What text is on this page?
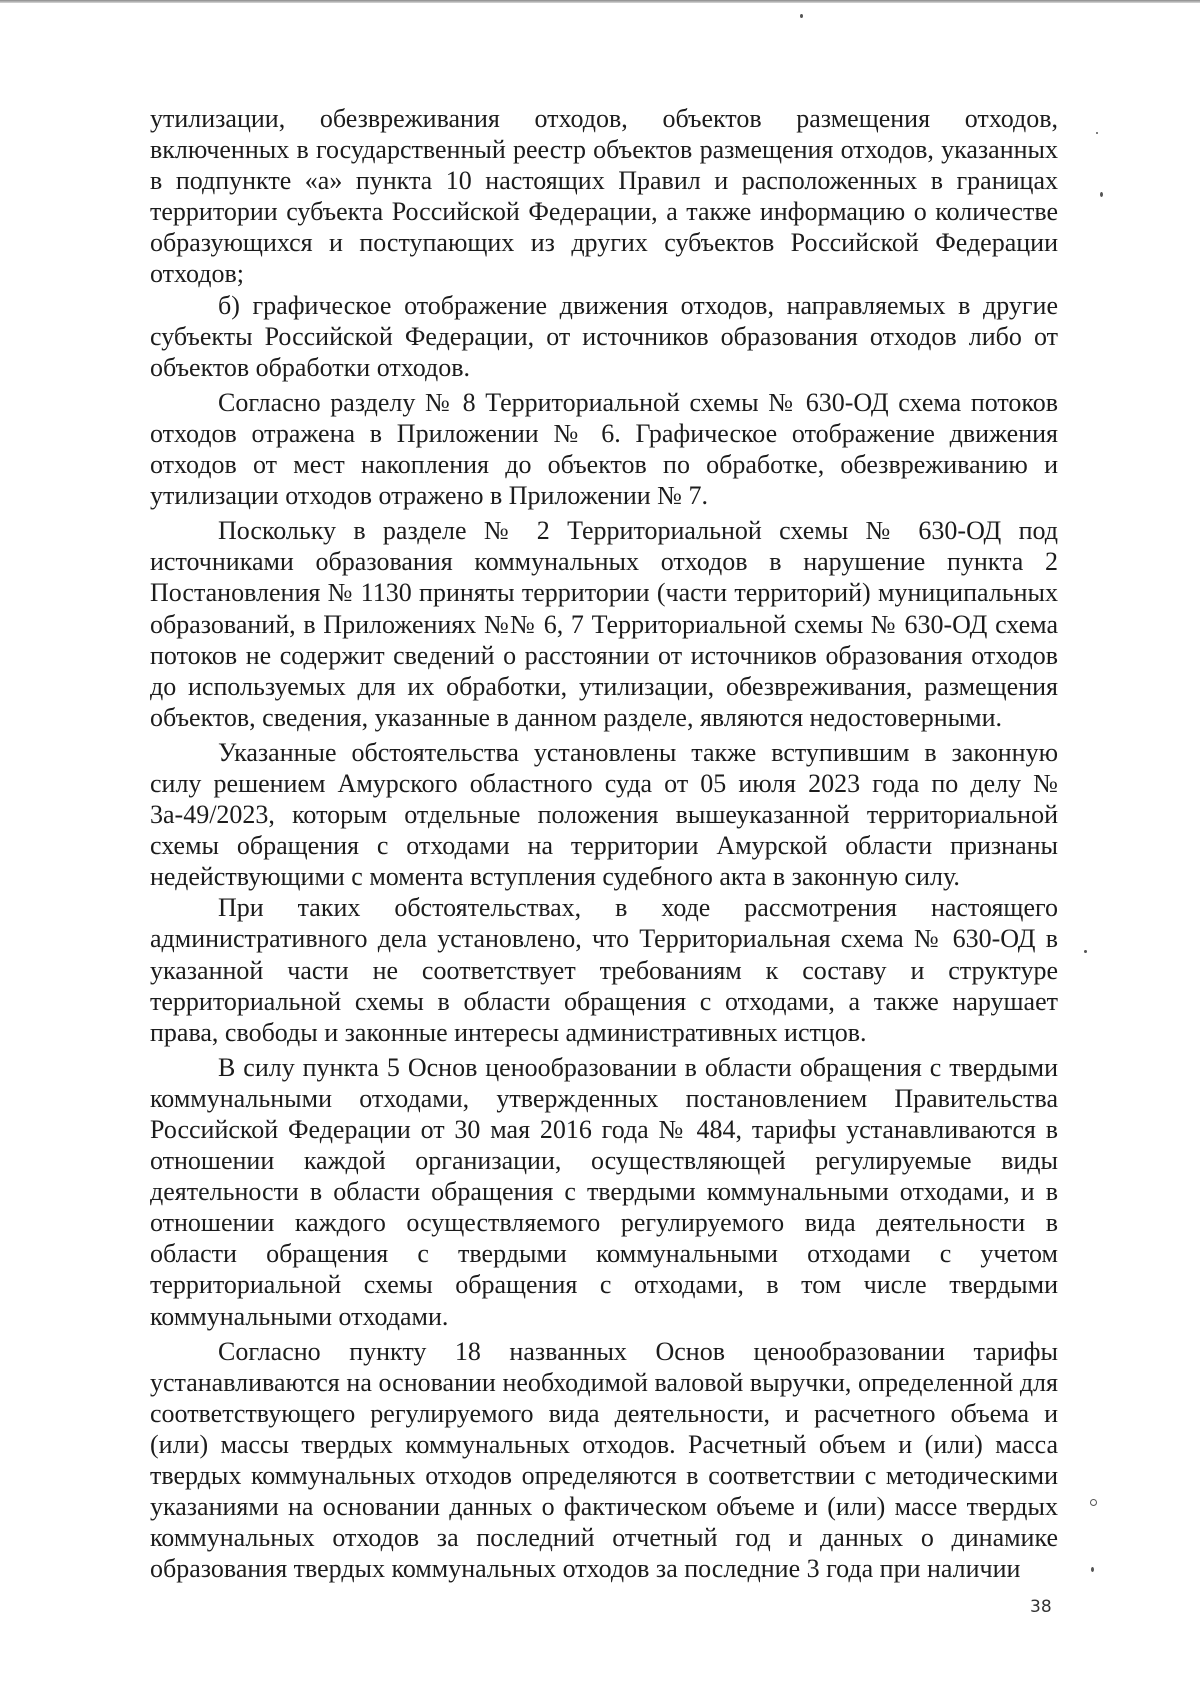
утилизации, обезвреживания отходов, объектов размещения отходов, включенных в государственный реестр объектов размещения отходов, указанных в подпункте «а» пункта 10 настоящих Правил и расположенных в границах территории субъекта Российской Федерации, а также информацию о количестве образующихся и поступающих из других субъектов Российской Федерации отходов;

б) графическое отображение движения отходов, направляемых в другие субъекты Российской Федерации, от источников образования отходов либо от объектов обработки отходов.

Согласно разделу № 8 Территориальной схемы № 630-ОД схема потоков отходов отражена в Приложении № 6. Графическое отображение движения отходов от мест накопления до объектов по обработке, обезвреживанию и утилизации отходов отражено в Приложении № 7.

Поскольку в разделе № 2 Территориальной схемы № 630-ОД под источниками образования коммунальных отходов в нарушение пункта 2 Постановления № 1130 приняты территории (части территорий) муниципальных образований, в Приложениях №№ 6, 7 Территориальной схемы № 630-ОД схема потоков не содержит сведений о расстоянии от источников образования отходов до используемых для их обработки, утилизации, обезвреживания, размещения объектов, сведения, указанные в данном разделе, являются недостоверными.

Указанные обстоятельства установлены также вступившим в законную силу решением Амурского областного суда от 05 июля 2023 года по делу № 3а-49/2023, которым отдельные положения вышеуказанной территориальной схемы обращения с отходами на территории Амурской области признаны недействующими с момента вступления судебного акта в законную силу.

При таких обстоятельствах, в ходе рассмотрения настоящего административного дела установлено, что Территориальная схема № 630-ОД в указанной части не соответствует требованиям к составу и структуре территориальной схемы в области обращения с отходами, а также нарушает права, свободы и законные интересы административных истцов.

В силу пункта 5 Основ ценообразовании в области обращения с твердыми коммунальными отходами, утвержденных постановлением Правительства Российской Федерации от 30 мая 2016 года № 484, тарифы устанавливаются в отношении каждой организации, осуществляющей регулируемые виды деятельности в области обращения с твердыми коммунальными отходами, и в отношении каждого осуществляемого регулируемого вида деятельности в области обращения с твердыми коммунальными отходами с учетом территориальной схемы обращения с отходами, в том числе твердыми коммунальными отходами.

Согласно пункту 18 названных Основ ценообразовании тарифы устанавливаются на основании необходимой валовой выручки, определенной для соответствующего регулируемого вида деятельности, и расчетного объема и (или) массы твердых коммунальных отходов. Расчетный объем и (или) масса твердых коммунальных отходов определяются в соответствии с методическими указаниями на основании данных о фактическом объеме и (или) массе твердых коммунальных отходов за последний отчетный год и данных о динамике образования твердых коммунальных отходов за последние 3 года при наличии

38
